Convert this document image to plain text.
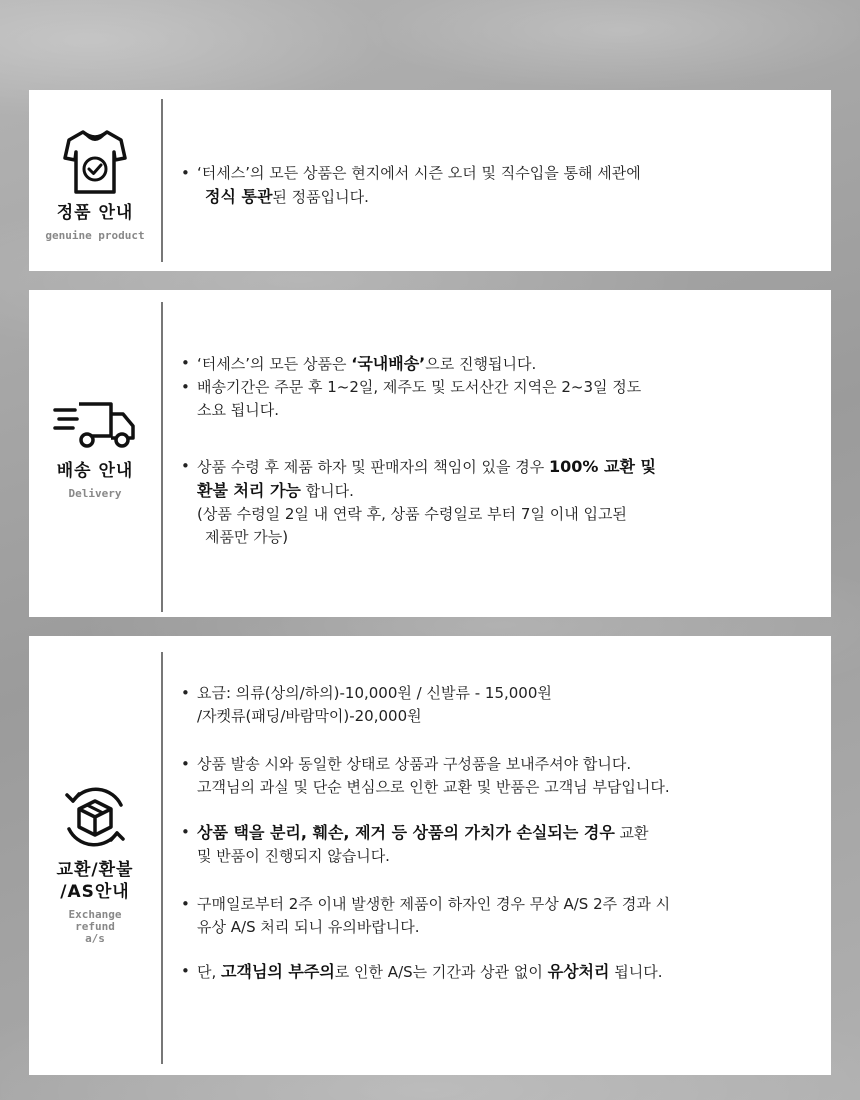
정품 안내
genuine product

• ‘터세스’의 모든 상품은 현지에서 시즌 오더 및 직수입을 통해 세관에

정식 통관된 정품입니다.

배송 안내
Delivery

• ‘터세스’의 모든 상품은 ‘국내배송’으로 진행됩니다.

• 배송기간은 주문 후 1~2일, 제주도 및 도서산간 지역은 2~3일 정도

소요 됩니다.

• 상품 수령 후 제품 하자 및 판매자의 책임이 있을 경우 100% 교환 및

환불 처리 가능 합니다.

(상품 수령일 2일 내 연락 후, 상품 수령일로 부터 7일 이내 입고된

제품만 가능)

교환/환불
/AS안내
Exchange
refund
a/s

• 요금: 의류(상의/하의)-10,000원 / 신발류 - 15,000원

/자켓류(패딩/바람막이)-20,000원

• 상품 발송 시와 동일한 상태로 상품과 구성품을 보내주셔야 합니다.

고객님의 과실 및 단순 변심으로 인한 교환 및 반품은 고객님 부담입니다.

• 상품 택을 분리, 훼손, 제거 등 상품의 가치가 손실되는 경우 교환

및 반품이 진행되지 않습니다.

• 구매일로부터 2주 이내 발생한 제품이 하자인 경우 무상 A/S 2주 경과 시

유상 A/S 처리 되니 유의바랍니다.

• 단, 고객님의 부주의로 인한 A/S는 기간과 상관 없이 유상처리 됩니다.
